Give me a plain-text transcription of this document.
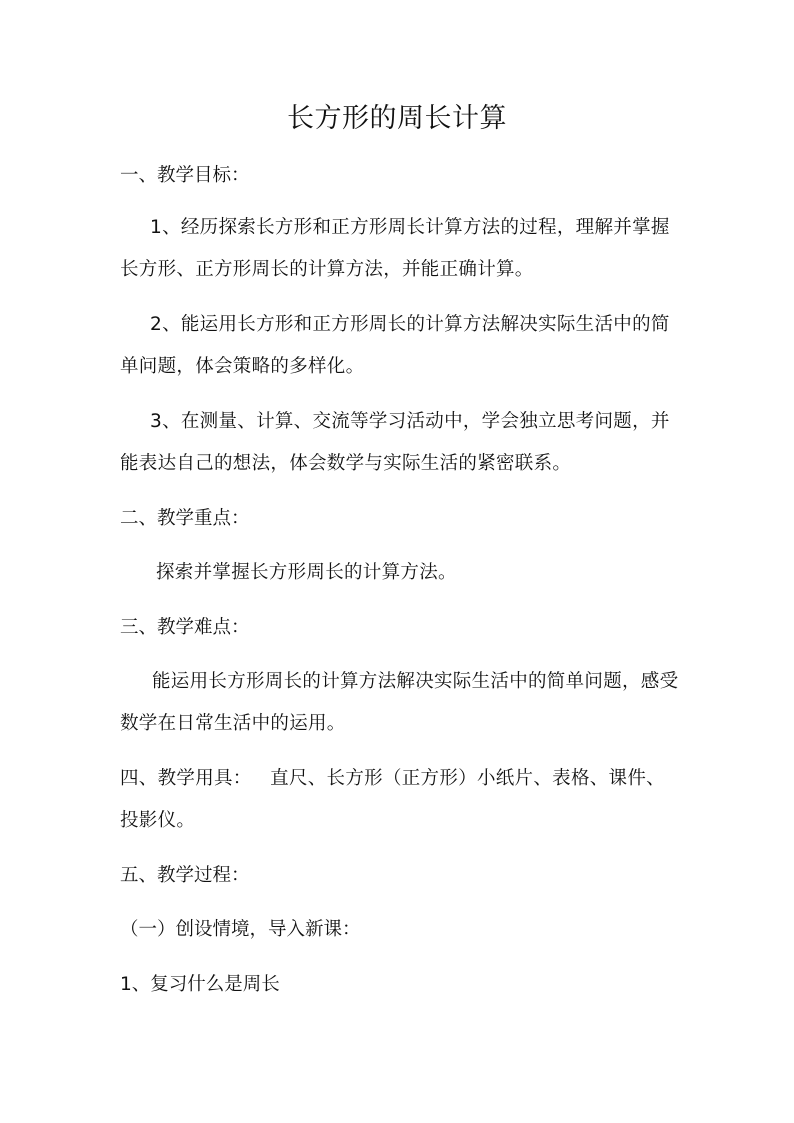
长方形的周长计算
一、教学目标：
1、经历探索长方形和正方形周长计算方法的过程，理解并掌握
长方形、正方形周长的计算方法，并能正确计算。
2、能运用长方形和正方形周长的计算方法解决实际生活中的简
单问题，体会策略的多样化。
3、在测量、计算、交流等学习活动中，学会独立思考问题，并
能表达自己的想法，体会数学与实际生活的紧密联系。
二、教学重点：
探索并掌握长方形周长的计算方法。
三、教学难点：
能运用长方形周长的计算方法解决实际生活中的简单问题，感受
数学在日常生活中的运用。
四、教学用具：   直尺、长方形（正方形）小纸片、表格、课件、
投影仪。
五、教学过程：
（一）创设情境，导入新课：
1、复习什么是周长
